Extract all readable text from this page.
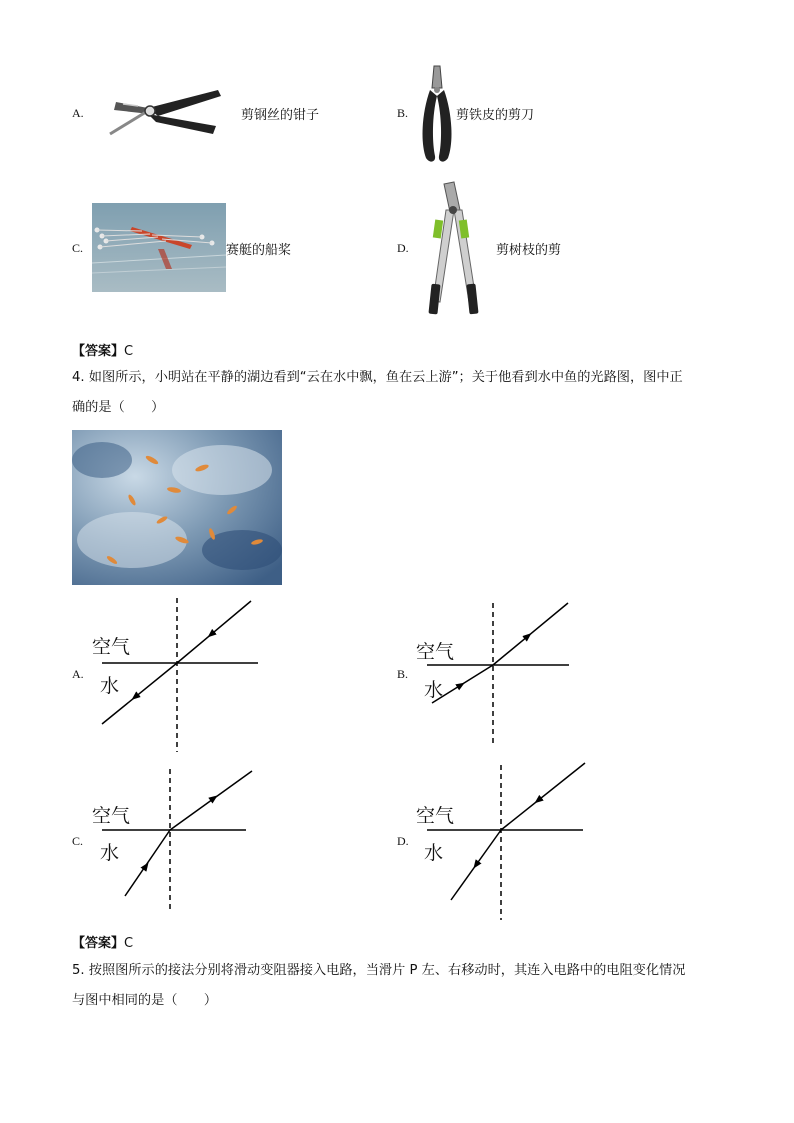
A.	剪钢丝的钳子	B.	剪铁皮的剪刀
C.	赛艇的船桨	D.	剪树枝的剪
【答案】C
4. 如图所示，小明站在平静的湖边看到“云在水中飘，鱼在云上游”；关于他看到水中鱼的光路图，图中正
确的是（　　）
A.
空气
水
B.
空气
水
C.
空气
水
D.
空气
水
【答案】C
5. 按照图所示的接法分别将滑动变阻器接入电路，当滑片 P 左、右移动时，其连入电路中的电阻变化情况
与图中相同的是（　　）
